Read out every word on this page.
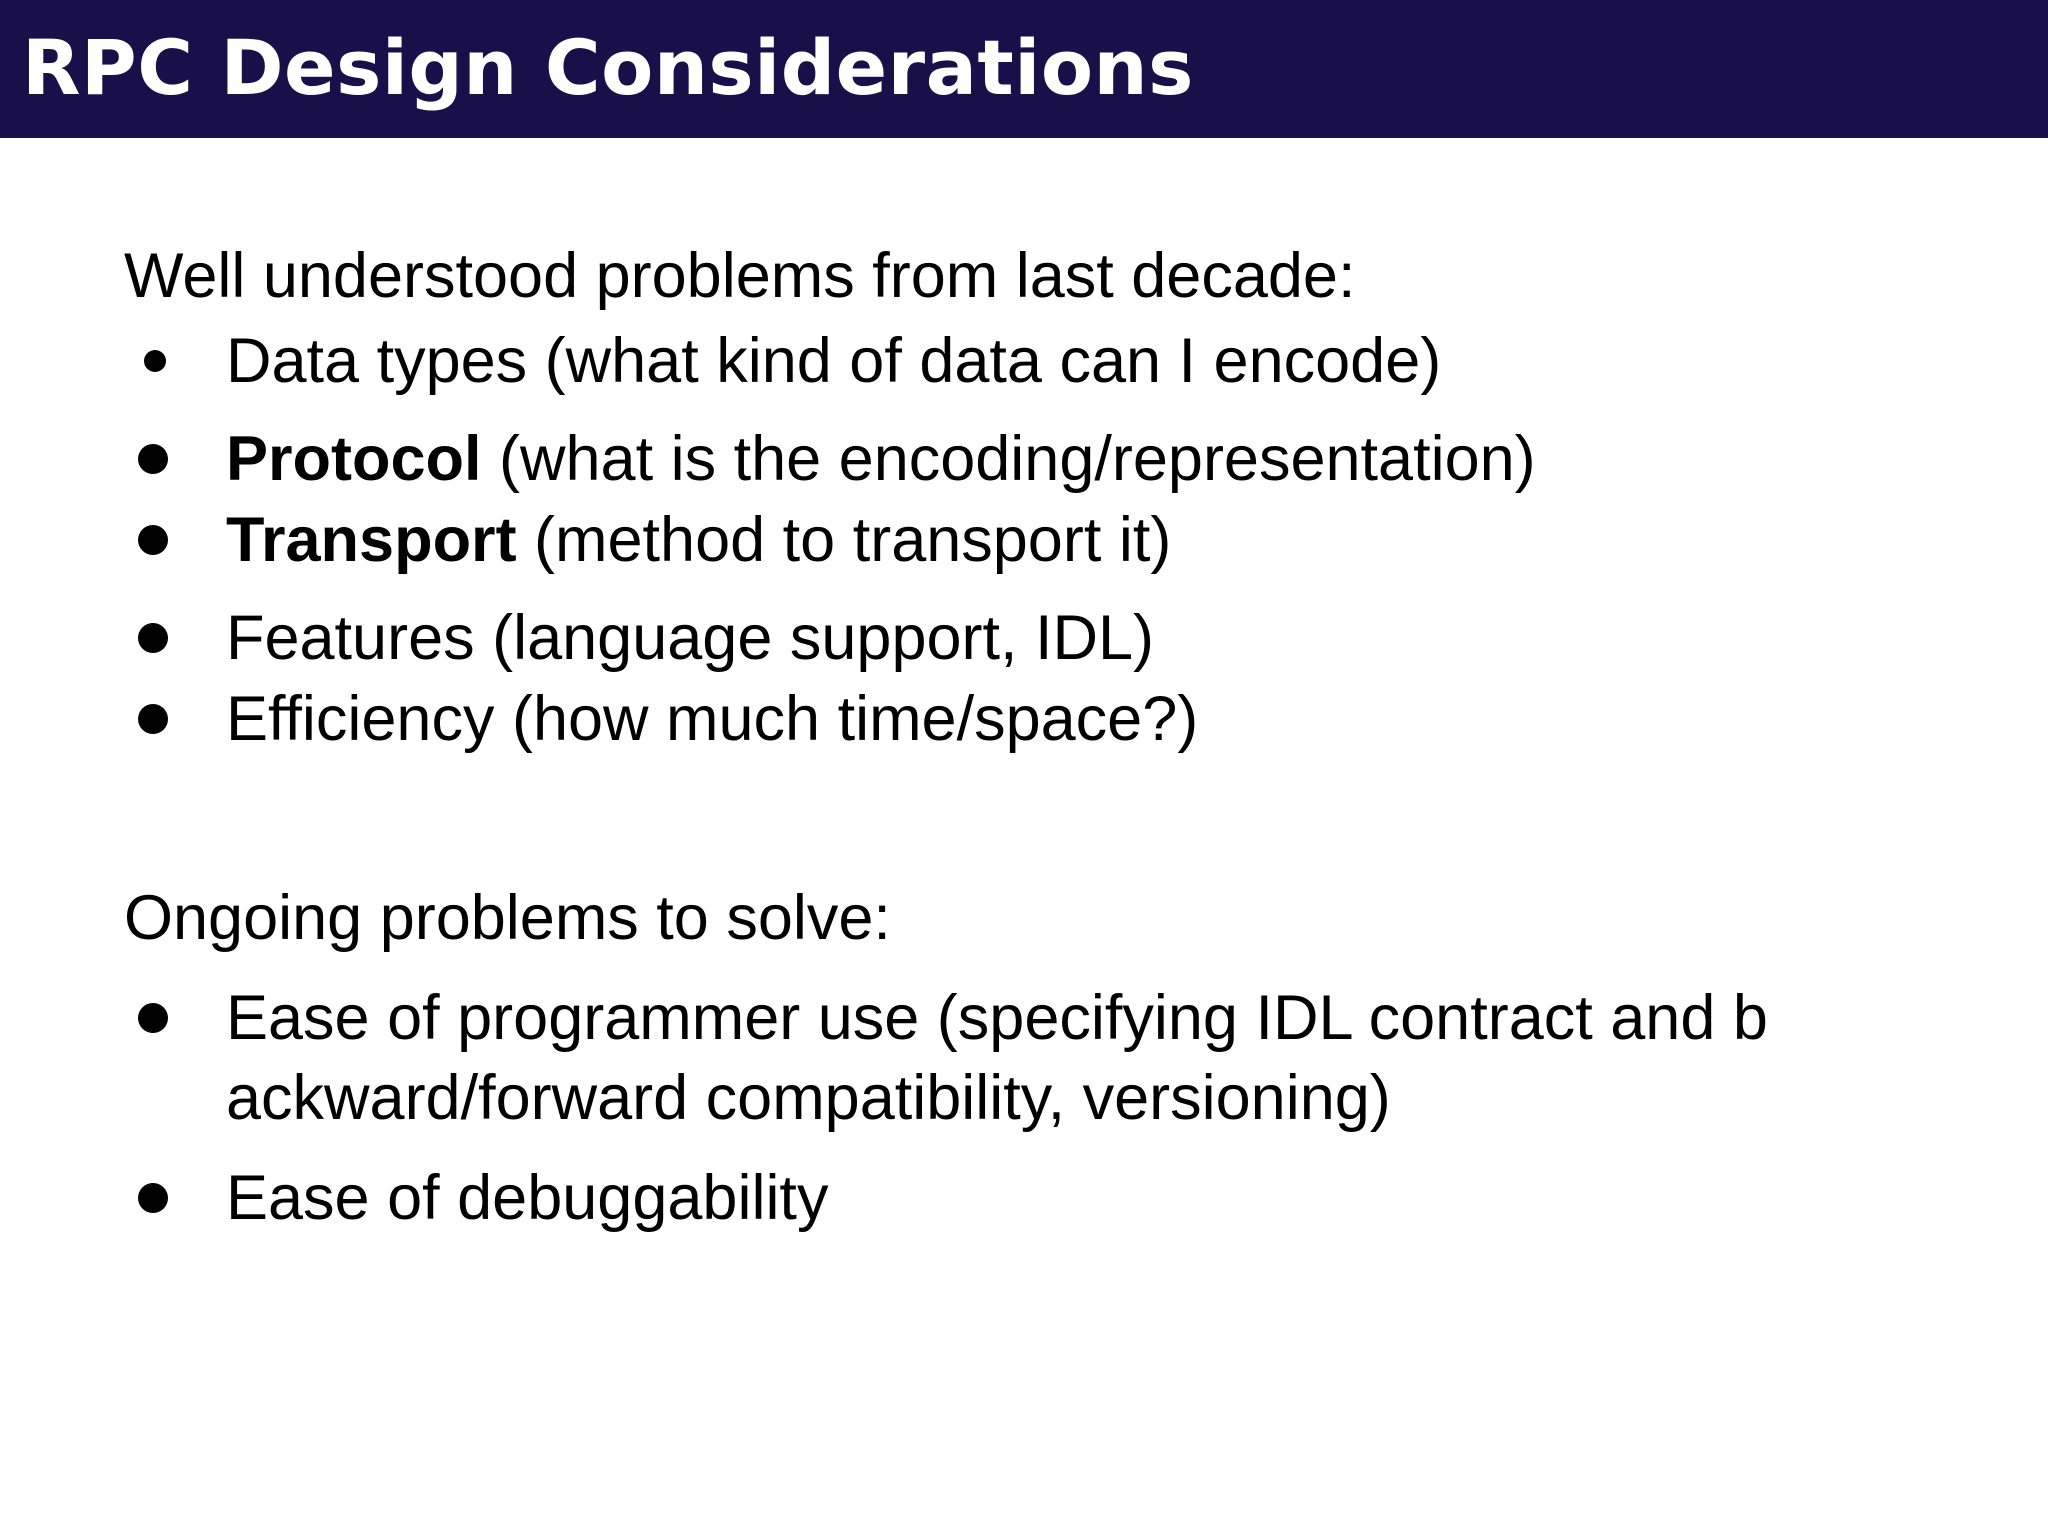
RPC Design Considerations
Well understood problems from last decade:
Data types (what kind of data can I encode)
Protocol (what is the encoding/representation)
Transport (method to transport it)
Features (language support, IDL)
Efficiency (how much time/space?)
Ongoing problems to solve:
Ease of programmer use (specifying IDL contract and b
ackward/forward compatibility, versioning)
Ease of debuggability
